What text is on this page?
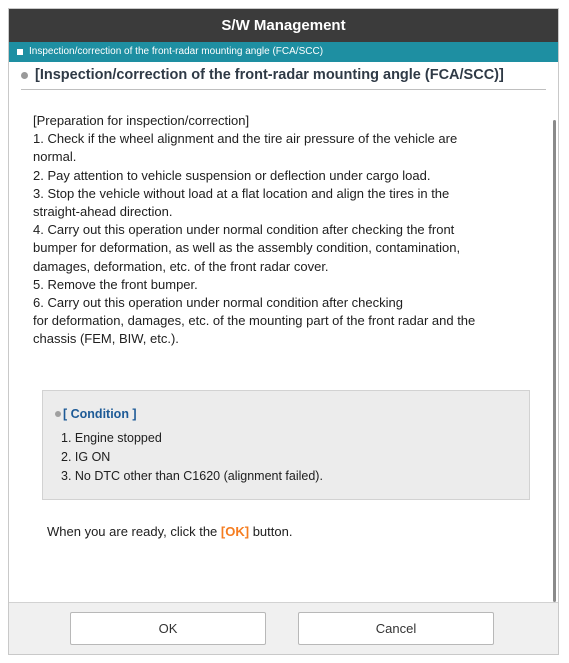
S/W Management
Inspection/correction of the front-radar mounting angle (FCA/SCC)
[Inspection/correction of the front-radar mounting angle (FCA/SCC)]
[Preparation for inspection/correction]
1. Check if the wheel alignment and the tire air pressure of the vehicle are
normal.
2. Pay attention to vehicle suspension or deflection under cargo load.
3. Stop the vehicle without load at a flat location and align the tires in the
straight-ahead direction.
4. Carry out this operation under normal condition after checking the front
bumper for deformation, as well as the assembly condition, contamination,
damages, deformation, etc. of the front radar cover.
5. Remove the front bumper.
6. Carry out this operation under normal condition after checking
for deformation, damages, etc. of the mounting part of the front radar and the
chassis (FEM, BIW, etc.).
[ Condition ]
1. Engine stopped
2. IG ON
3. No DTC other than C1620 (alignment failed).
When you are ready, click the [OK] button.
OK	Cancel
